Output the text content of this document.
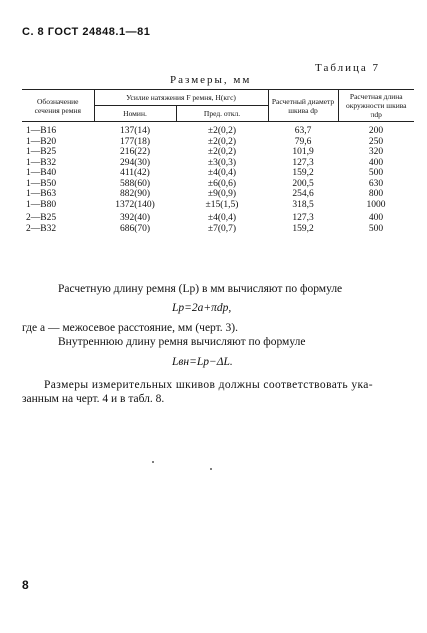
С. 8 ГОСТ 24848.1—81
Таблица 7
Размеры, мм
Обозначение сечения ремня	Усилие натяжения F ремня, Н(кгс)		Расчетный диаметр шкива dp	Расчетная длина окружности шкива πdp
	Номин.	Пред. откл.		
1—B16	137(14)	±2(0,2)	63,7	200
1—B20	177(18)	±2(0,2)	79,6	250
1—B25	216(22)	±2(0,2)	101,9	320
1—B32	294(30)	±3(0,3)	127,3	400
1—B40	411(42)	±4(0,4)	159,2	500
1—B50	588(60)	±6(0,6)	200,5	630
1—B63	882(90)	±9(0,9)	254,6	800
1—B80	1372(140)	±15(1,5)	318,5	1000
2—B25	392(40)	±4(0,4)	127,3	400
2—B32	686(70)	±7(0,7)	159,2	500
Расчетную длину ремня (Lр) в мм вычисляют по формуле
Lр=2a+πdр,
где a — межосевое расстояние, мм (черт. 3).
Внутреннюю длину ремня вычисляют по формуле
Lвн=Lр−ΔL.
Размеры измерительных шкивов должны соответствовать ука-
занным на черт. 4 и в табл. 8.
8
